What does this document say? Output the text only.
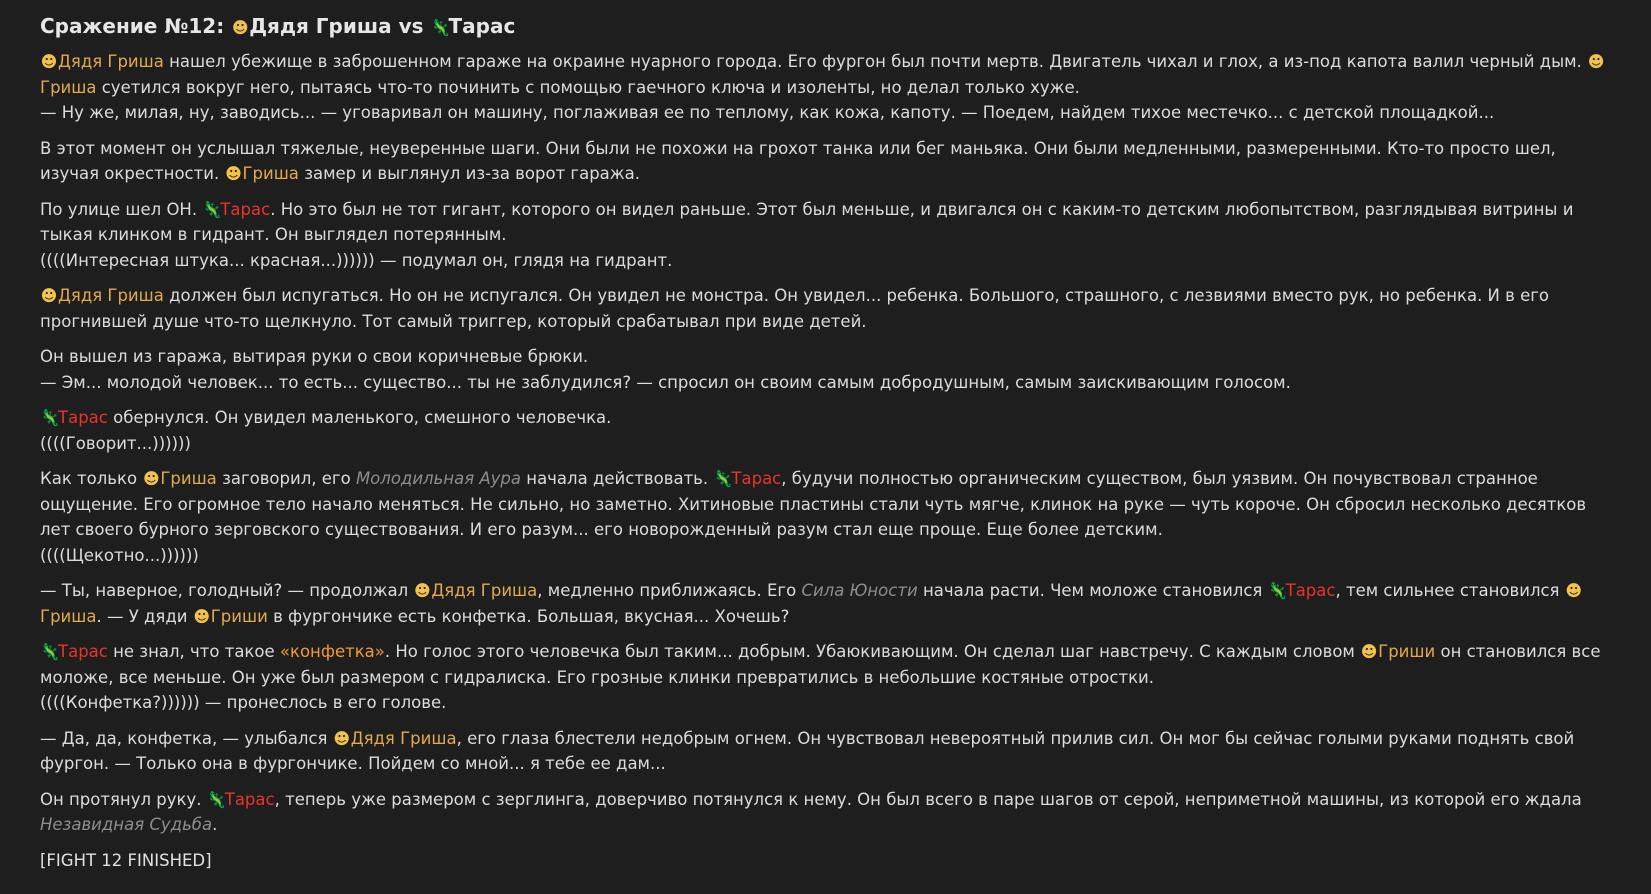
Сражение №12: ☻Дядя Гриша vs 🦎Тарас

☻Дядя Гриша нашел убежище в заброшенном гараже на окраине нуарного города. Его фургон был почти мертв. Двигатель чихал и глох, а из-под капота валил черный дым. ☻Гриша суетился вокруг него, пытаясь что-то починить с помощью гаечного ключа и изоленты, но делал только хуже.
— Ну же, милая, ну, заводись... — уговаривал он машину, поглаживая ее по теплому, как кожа, капоту. — Поедем, найдем тихое местечко... с детской площадкой...

В этот момент он услышал тяжелые, неуверенные шаги. Они были не похожи на грохот танка или бег маньяка. Они были медленными, размеренными. Кто-то просто шел, изучая окрестности. ☻Гриша замер и выглянул из-за ворот гаража.

По улице шел ОН. 🦎Тарас. Но это был не тот гигант, которого он видел раньше. Этот был меньше, и двигался он с каким-то детским любопытством, разглядывая витрины и тыкая клинком в гидрант. Он выглядел потерянным.
((((Интересная штука... красная...)))))) — подумал он, глядя на гидрант.

☻Дядя Гриша должен был испугаться. Но он не испугался. Он увидел не монстра. Он увидел... ребенка. Большого, страшного, с лезвиями вместо рук, но ребенка. И в его прогнившей душе что-то щелкнуло. Тот самый триггер, который срабатывал при виде детей.

Он вышел из гаража, вытирая руки о свои коричневые брюки.
— Эм... молодой человек... то есть... существо... ты не заблудился? — спросил он своим самым добродушным, самым заискивающим голосом.

🦎Тарас обернулся. Он увидел маленького, смешного человечка.
((((Говорит...))))))

Как только ☻Гриша заговорил, его Молодильная Аура начала действовать. 🦎Тарас, будучи полностью органическим существом, был уязвим. Он почувствовал странное ощущение. Его огромное тело начало меняться. Не сильно, но заметно. Хитиновые пластины стали чуть мягче, клинок на руке — чуть короче. Он сбросил несколько десятков лет своего бурного зерговского существования. И его разум... его новорожденный разум стал еще проще. Еще более детским.
((((Щекотно...))))))

— Ты, наверное, голодный? — продолжал ☻Дядя Гриша, медленно приближаясь. Его Сила Юности начала расти. Чем моложе становился 🦎Тарас, тем сильнее становился ☻Гриша. — У дяди ☻Гриши в фургончике есть конфетка. Большая, вкусная... Хочешь?

🦎Тарас не знал, что такое «конфетка». Но голос этого человечка был таким... добрым. Убаюкивающим. Он сделал шаг навстречу. С каждым словом ☻Гриши он становился все моложе, все меньше. Он уже был размером с гидралиска. Его грозные клинки превратились в небольшие костяные отростки.
((((Конфетка?)))))) — пронеслось в его голове.

— Да, да, конфетка, — улыбался ☻Дядя Гриша, его глаза блестели недобрым огнем. Он чувствовал невероятный прилив сил. Он мог бы сейчас голыми руками поднять свой фургон. — Только она в фургончике. Пойдем со мной... я тебе ее дам...

Он протянул руку. 🦎Тарас, теперь уже размером с зерглинга, доверчиво потянулся к нему. Он был всего в паре шагов от серой, неприметной машины, из которой его ждала Незавидная Судьба.

[FIGHT 12 FINISHED]
